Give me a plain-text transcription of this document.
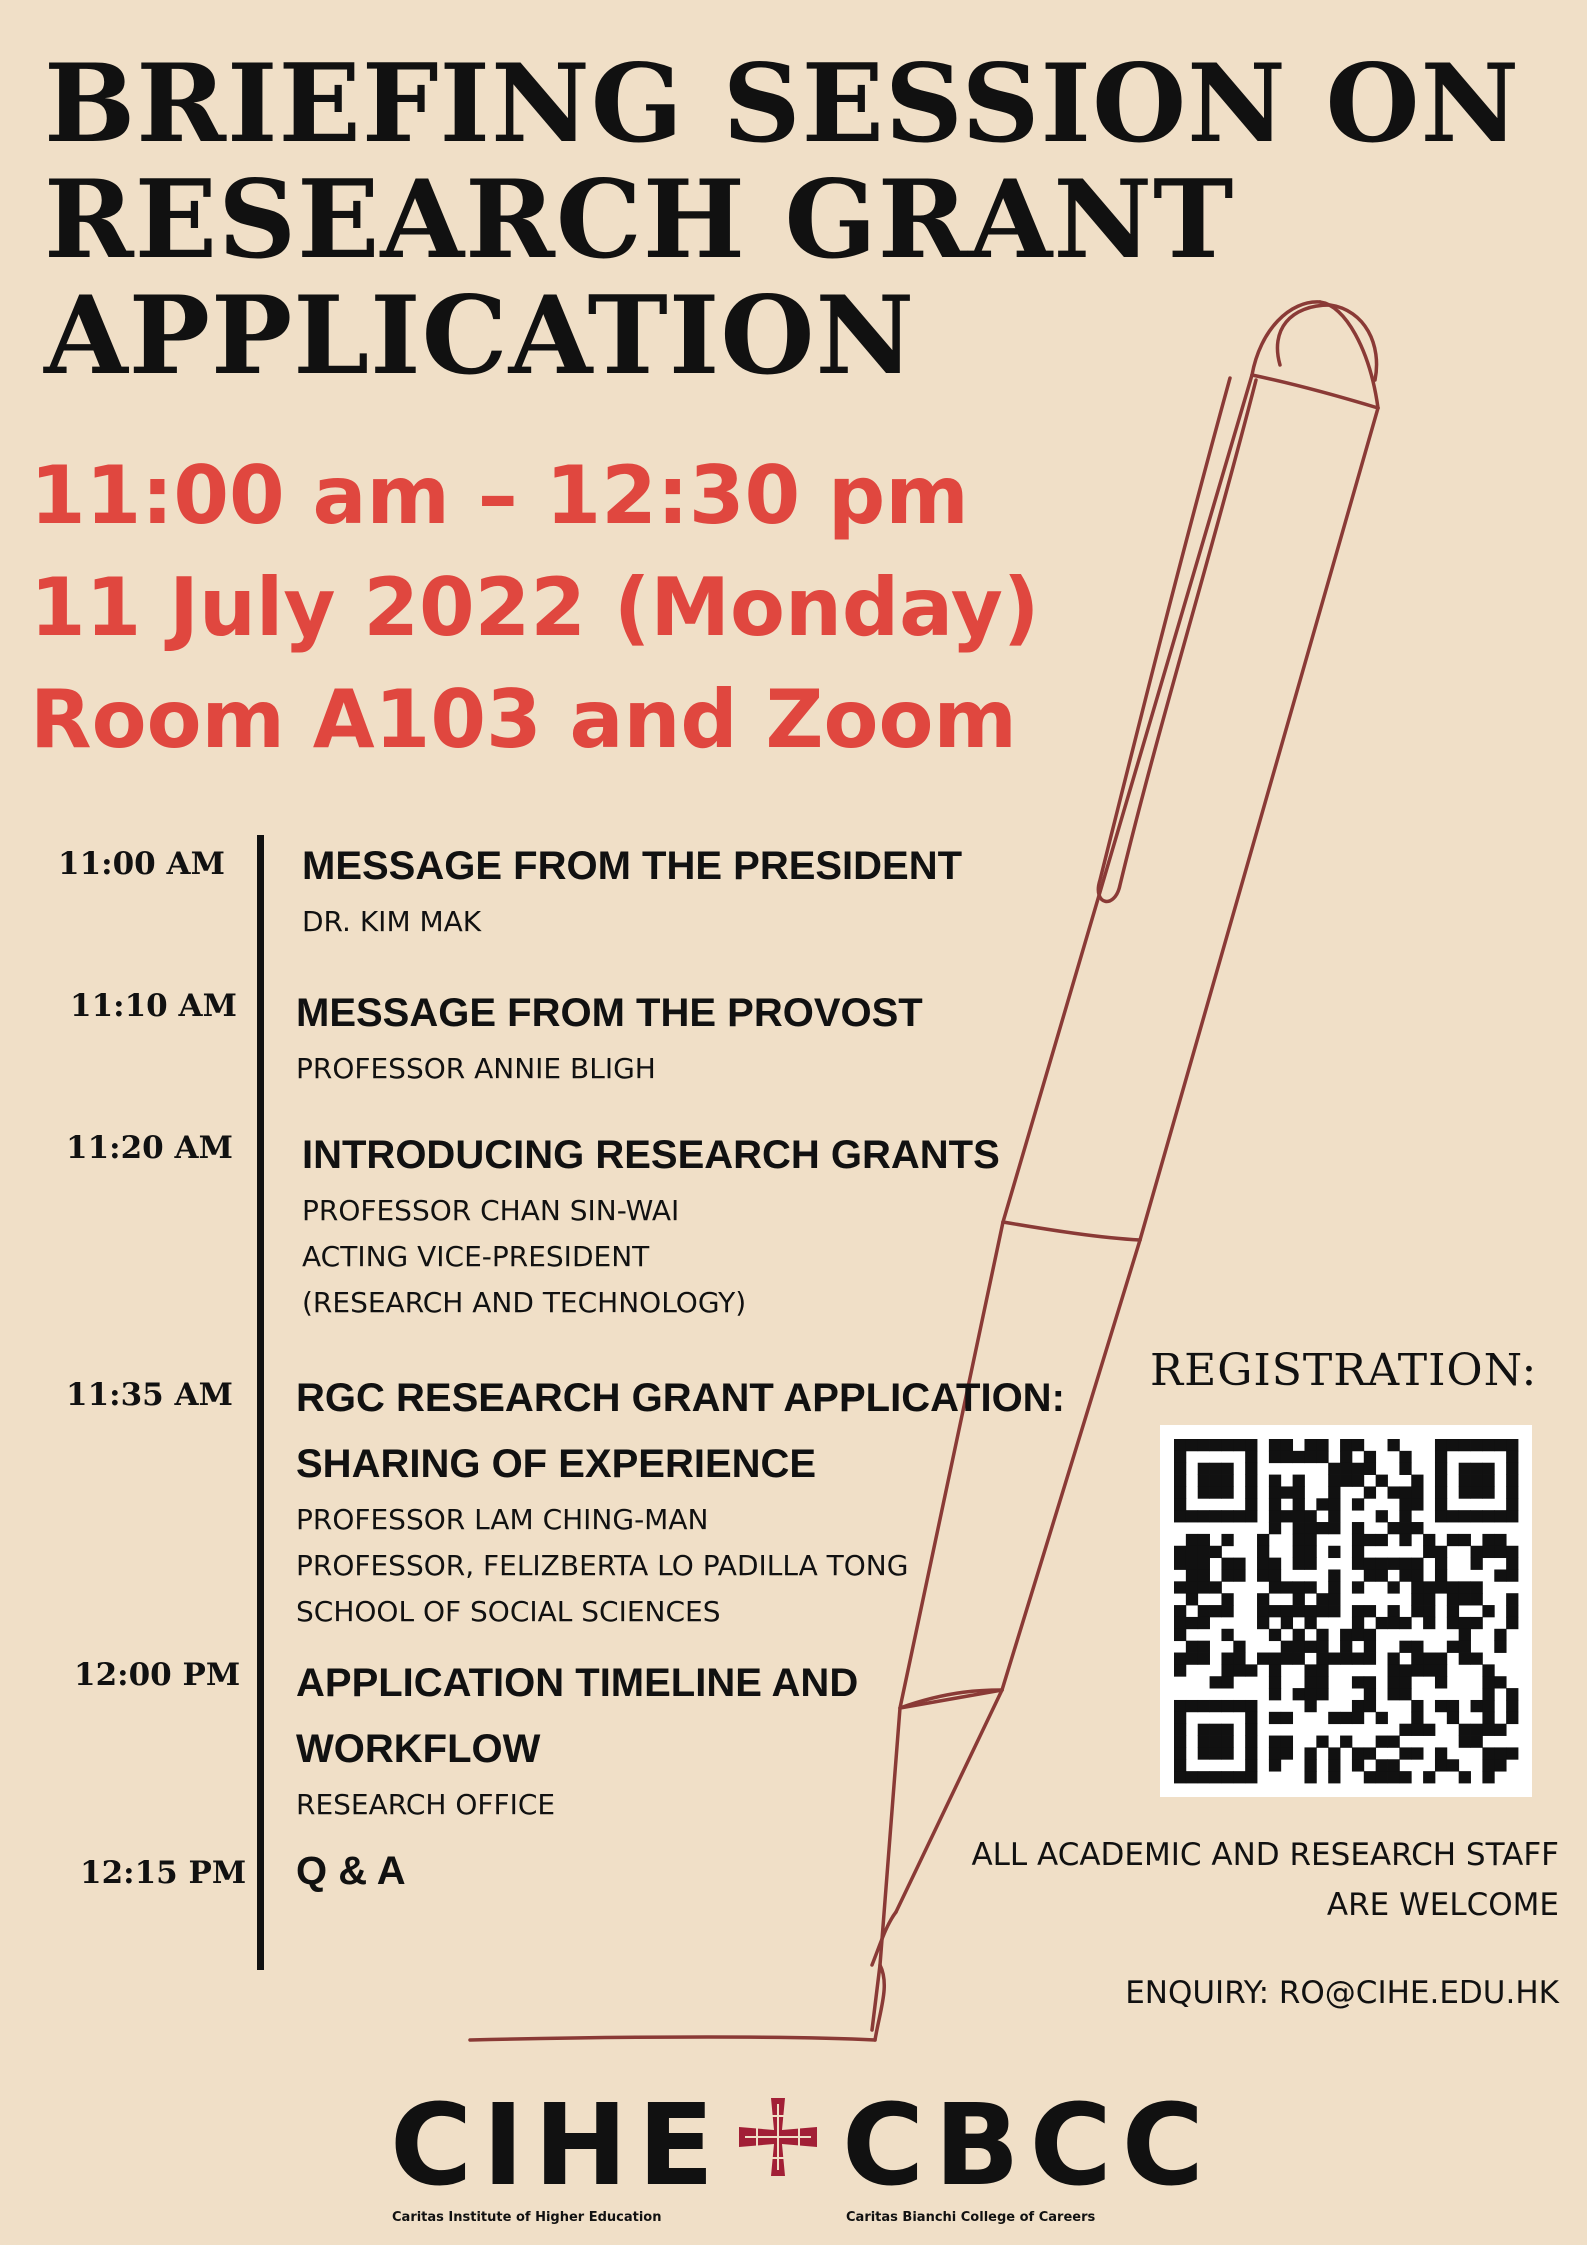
BRIEFING SESSION ON
RESEARCH GRANT
APPLICATION
11:00 am – 12:30 pm
11 July 2022 (Monday)
Room A103 and Zoom
11:00 AM MESSAGE FROM THE PRESIDENT
DR. KIM MAK
11:10 AM MESSAGE FROM THE PROVOST
PROFESSOR ANNIE BLIGH
11:20 AM INTRODUCING RESEARCH GRANTS
PROFESSOR CHAN SIN-WAI
ACTING VICE-PRESIDENT
(RESEARCH AND TECHNOLOGY)
11:35 AM RGC RESEARCH GRANT APPLICATION:
SHARING OF EXPERIENCE
PROFESSOR LAM CHING-MAN
PROFESSOR, FELIZBERTA LO PADILLA TONG
SCHOOL OF SOCIAL SCIENCES
12:00 PM APPLICATION TIMELINE AND
WORKFLOW
RESEARCH OFFICE
12:15 PM Q & A
REGISTRATION:
ALL ACADEMIC AND RESEARCH STAFF
ARE WELCOME
ENQUIRY: RO@CIHE.EDU.HK
CIHE
Caritas Institute of Higher Education
CBCC
Caritas Bianchi College of Careers
